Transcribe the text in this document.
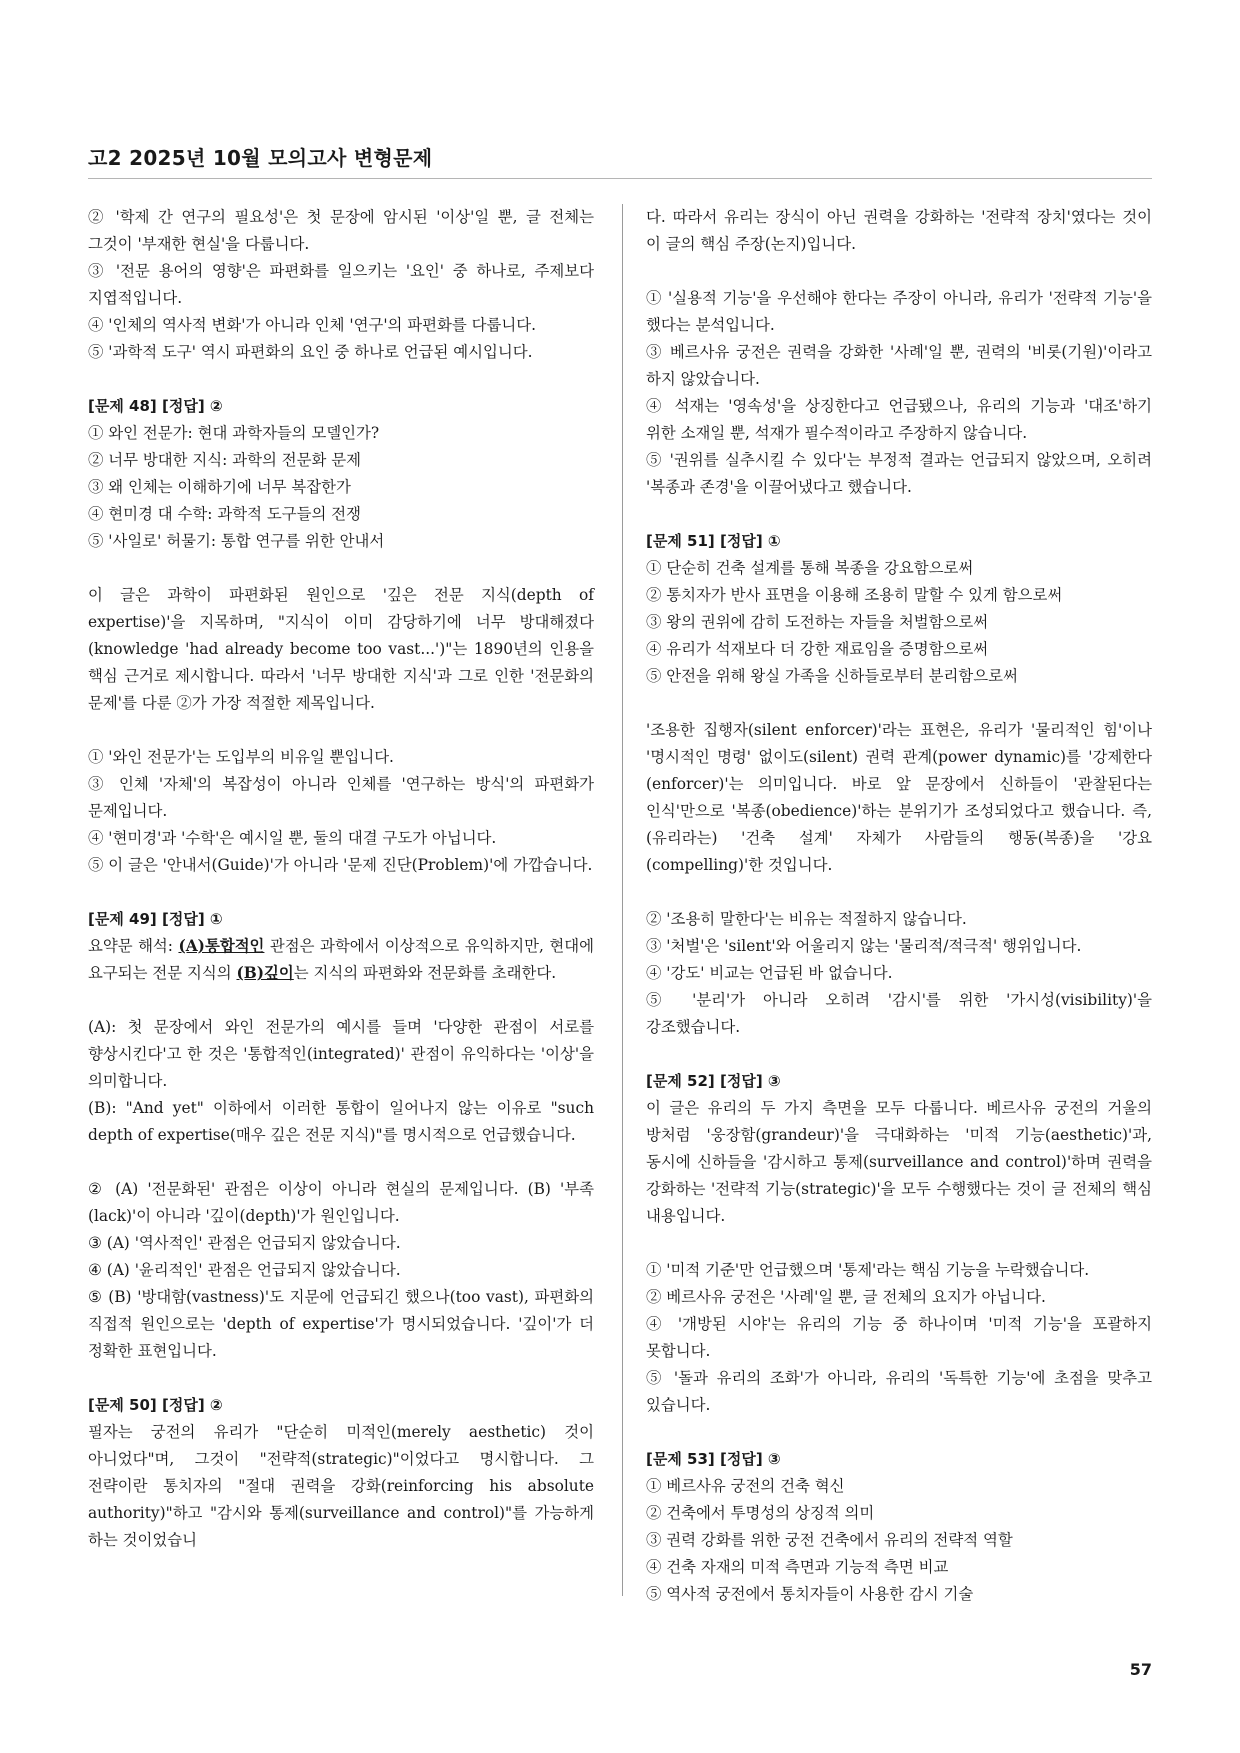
고2 2025년 10월 모의고사 변형문제

② '학제 간 연구의 필요성'은 첫 문장에 암시된 '이상'일 뿐, 글 전체는 그것이 '부재한 현실'을 다룹니다.

③ '전문 용어의 영향'은 파편화를 일으키는 '요인' 중 하나로, 주제보다 지엽적입니다.

④ '인체의 역사적 변화'가 아니라 인체 '연구'의 파편화를 다룹니다.

⑤ '과학적 도구' 역시 파편화의 요인 중 하나로 언급된 예시입니다.

[문제 48] [정답] ②

① 와인 전문가: 현대 과학자들의 모델인가?

② 너무 방대한 지식: 과학의 전문화 문제

③ 왜 인체는 이해하기에 너무 복잡한가

④ 현미경 대 수학: 과학적 도구들의 전쟁

⑤ '사일로' 허물기: 통합 연구를 위한 안내서

이 글은 과학이 파편화된 원인으로 '깊은 전문 지식(depth of expertise)'을 지목하며, "지식이 이미 감당하기에 너무 방대해졌다(knowledge 'had already become too vast...')"는 1890년의 인용을 핵심 근거로 제시합니다. 따라서 '너무 방대한 지식'과 그로 인한 '전문화의 문제'를 다룬 ②가 가장 적절한 제목입니다.

① '와인 전문가'는 도입부의 비유일 뿐입니다.

③ 인체 '자체'의 복잡성이 아니라 인체를 '연구하는 방식'의 파편화가 문제입니다.

④ '현미경'과 '수학'은 예시일 뿐, 둘의 대결 구도가 아닙니다.

⑤ 이 글은 '안내서(Guide)'가 아니라 '문제 진단(Problem)'에 가깝습니다.

[문제 49] [정답] ①

요약문 해석: (A)통합적인 관점은 과학에서 이상적으로 유익하지만, 현대에 요구되는 전문 지식의 (B)깊이는 지식의 파편화와 전문화를 초래한다.

(A): 첫 문장에서 와인 전문가의 예시를 들며 '다양한 관점이 서로를 향상시킨다'고 한 것은 '통합적인(integrated)' 관점이 유익하다는 '이상'을 의미합니다.

(B): "And yet" 이하에서 이러한 통합이 일어나지 않는 이유로 "such depth of expertise(매우 깊은 전문 지식)"를 명시적으로 언급했습니다.

② (A) '전문화된' 관점은 이상이 아니라 현실의 문제입니다. (B) '부족(lack)'이 아니라 '깊이(depth)'가 원인입니다.

③ (A) '역사적인' 관점은 언급되지 않았습니다.

④ (A) '윤리적인' 관점은 언급되지 않았습니다.

⑤ (B) '방대함(vastness)'도 지문에 언급되긴 했으나(too vast), 파편화의 직접적 원인으로는 'depth of expertise'가 명시되었습니다. '깊이'가 더 정확한 표현입니다.

[문제 50] [정답] ②

필자는 궁전의 유리가 "단순히 미적인(merely aesthetic) 것이 아니었다"며, 그것이 "전략적(strategic)"이었다고 명시합니다. 그 전략이란 통치자의 "절대 권력을 강화(reinforcing his absolute authority)"하고 "감시와 통제(surveillance and control)"를 가능하게 하는 것이었습니

다. 따라서 유리는 장식이 아닌 권력을 강화하는 '전략적 장치'였다는 것이 이 글의 핵심 주장(논지)입니다.

① '실용적 기능'을 우선해야 한다는 주장이 아니라, 유리가 '전략적 기능'을 했다는 분석입니다.

③ 베르사유 궁전은 권력을 강화한 '사례'일 뿐, 권력의 '비롯(기원)'이라고 하지 않았습니다.

④ 석재는 '영속성'을 상징한다고 언급됐으나, 유리의 기능과 '대조'하기 위한 소재일 뿐, 석재가 필수적이라고 주장하지 않습니다.

⑤ '권위를 실추시킬 수 있다'는 부정적 결과는 언급되지 않았으며, 오히려 '복종과 존경'을 이끌어냈다고 했습니다.

[문제 51] [정답] ①

① 단순히 건축 설계를 통해 복종을 강요함으로써

② 통치자가 반사 표면을 이용해 조용히 말할 수 있게 함으로써

③ 왕의 권위에 감히 도전하는 자들을 처벌함으로써

④ 유리가 석재보다 더 강한 재료임을 증명함으로써

⑤ 안전을 위해 왕실 가족을 신하들로부터 분리함으로써

'조용한 집행자(silent enforcer)'라는 표현은, 유리가 '물리적인 힘'이나 '명시적인 명령' 없이도(silent) 권력 관계(power dynamic)를 '강제한다(enforcer)'는 의미입니다. 바로 앞 문장에서 신하들이 '관찰된다는 인식'만으로 '복종(obedience)'하는 분위기가 조성되었다고 했습니다. 즉, (유리라는) '건축 설계' 자체가 사람들의 행동(복종)을 '강요(compelling)'한 것입니다.

② '조용히 말한다'는 비유는 적절하지 않습니다.

③ '처벌'은 'silent'와 어울리지 않는 '물리적/적극적' 행위입니다.

④ '강도' 비교는 언급된 바 없습니다.

⑤ '분리'가 아니라 오히려 '감시'를 위한 '가시성(visibility)'을 강조했습니다.

[문제 52] [정답] ③

이 글은 유리의 두 가지 측면을 모두 다룹니다. 베르사유 궁전의 거울의 방처럼 '웅장함(grandeur)'을 극대화하는 '미적 기능(aesthetic)'과, 동시에 신하들을 '감시하고 통제(surveillance and control)'하며 권력을 강화하는 '전략적 기능(strategic)'을 모두 수행했다는 것이 글 전체의 핵심 내용입니다.

① '미적 기준'만 언급했으며 '통제'라는 핵심 기능을 누락했습니다.

② 베르사유 궁전은 '사례'일 뿐, 글 전체의 요지가 아닙니다.

④ '개방된 시야'는 유리의 기능 중 하나이며 '미적 기능'을 포괄하지 못합니다.

⑤ '돌과 유리의 조화'가 아니라, 유리의 '독특한 기능'에 초점을 맞추고 있습니다.

[문제 53] [정답] ③

① 베르사유 궁전의 건축 혁신

② 건축에서 투명성의 상징적 의미

③ 권력 강화를 위한 궁전 건축에서 유리의 전략적 역할

④ 건축 자재의 미적 측면과 기능적 측면 비교

⑤ 역사적 궁전에서 통치자들이 사용한 감시 기술

57
